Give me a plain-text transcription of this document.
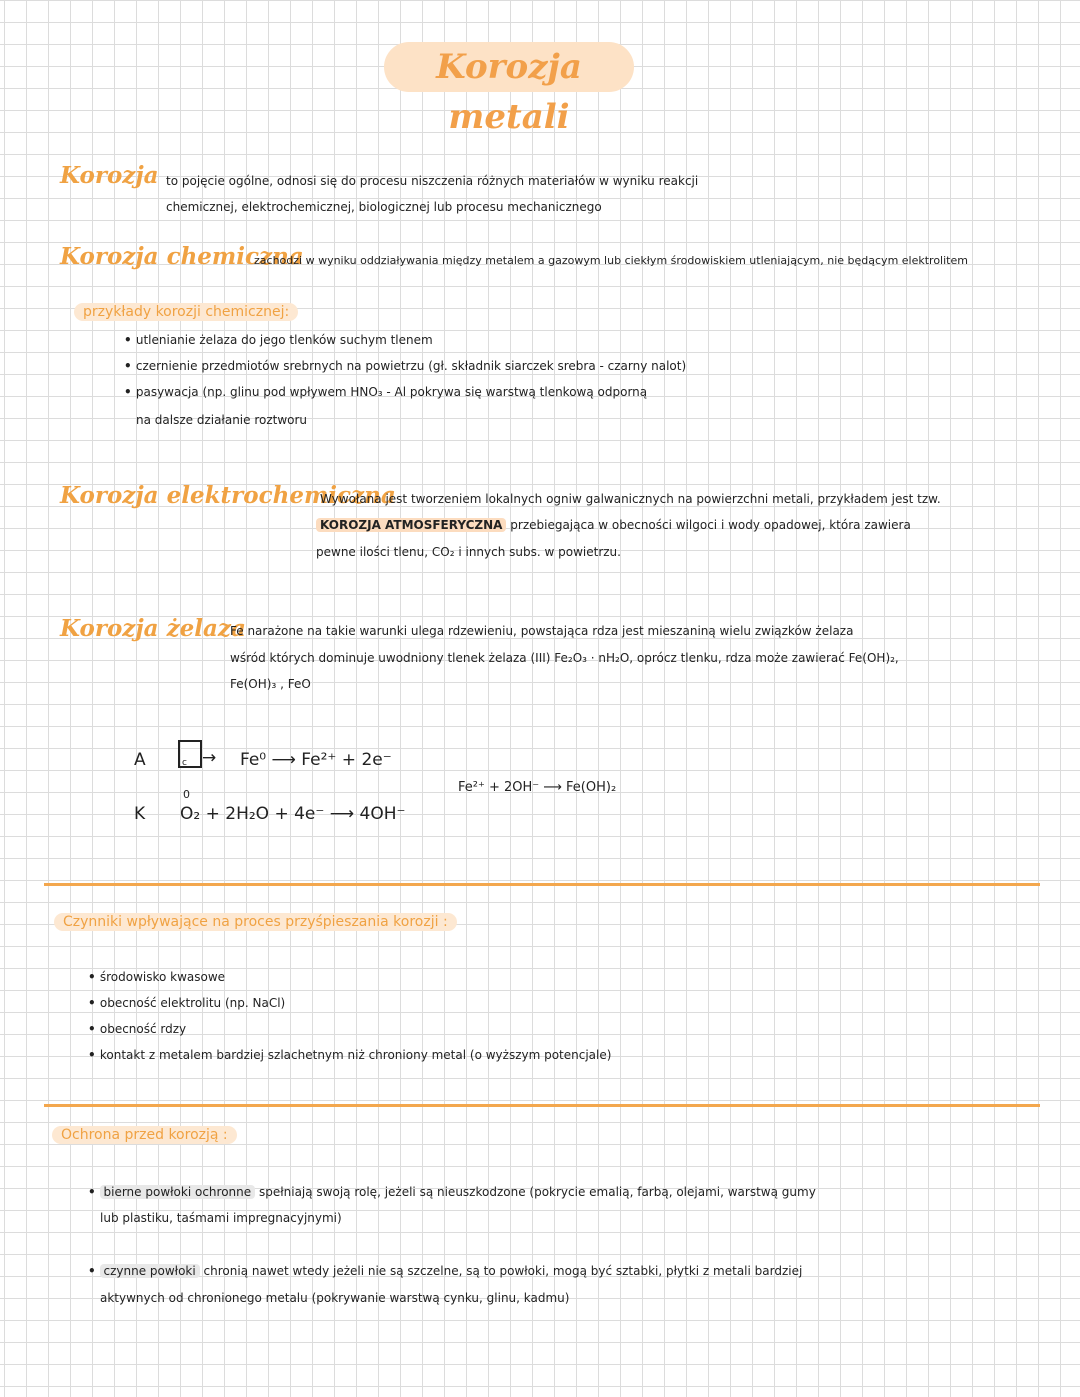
Korozja metali
Korozja to pojęcie ogólne, odnosi się do procesu niszczenia różnych materiałów w wyniku reakcji
chemicznej, elektrochemicznej, biologicznej lub procesu mechanicznego
Korozja chemiczna
zachodzi w wyniku oddziaływania między metalem a gazowym lub ciekłym środowiskiem utleniającym, nie będącym elektrolitem
przykłady korozji chemicznej:
• utlenianie żelaza do jego tlenków suchym tlenem
• czernienie przedmiotów srebrnych na powietrzu (gł. składnik siarczek srebra - czarny nalot)
• pasywacja (np. glinu pod wpływem HNO₃ - Al pokrywa się warstwą tlenkową odporną
na dalsze działanie roztworu
Korozja elektrochemiczna
Wywołana jest tworzeniem lokalnych ogniw galwanicznych na powierzchni metali, przykładem jest tzw.
KOROZJA ATMOSFERYCZNA przebiegająca w obecności wilgoci i wody opadowej, która zawiera
pewne ilości tlenu, CO₂ i innych subs. w powietrzu.
Korozja żelaza
Fe narażone na takie warunki ulega rdzewieniu, powstająca rdza jest mieszaniną wielu związków żelaza
wśród których dominuje uwodniony tlenek żelaza (III) Fe₂O₃ · nH₂O, oprócz tlenku, rdza może zawierać Fe(OH)₂,
Fe(OH)₃ , FeO
A	c → Fe⁰ ⟶ Fe²⁺ + 2e⁻
K
0
O₂ + 2H₂O + 4e⁻ ⟶ 4OH⁻
Fe²⁺ + 2OH⁻ ⟶ Fe(OH)₂
Czynniki wpływające na proces przyśpieszania korozji :
• środowisko kwasowe
• obecność elektrolitu (np. NaCl)
• obecność rdzy
• kontakt z metalem bardziej szlachetnym niż chroniony metal (o wyższym potencjale)
Ochrona przed korozją :
• bierne powłoki ochronne spełniają swoją rolę, jeżeli są nieuszkodzone (pokrycie emalią, farbą, olejami, warstwą gumy
lub plastiku, taśmami impregnacyjnymi)
• czynne powłoki chronią nawet wtedy jeżeli nie są szczelne, są to powłoki, mogą być sztabki, płytki z metali bardziej
aktywnych od chronionego metalu (pokrywanie warstwą cynku, glinu, kadmu)
